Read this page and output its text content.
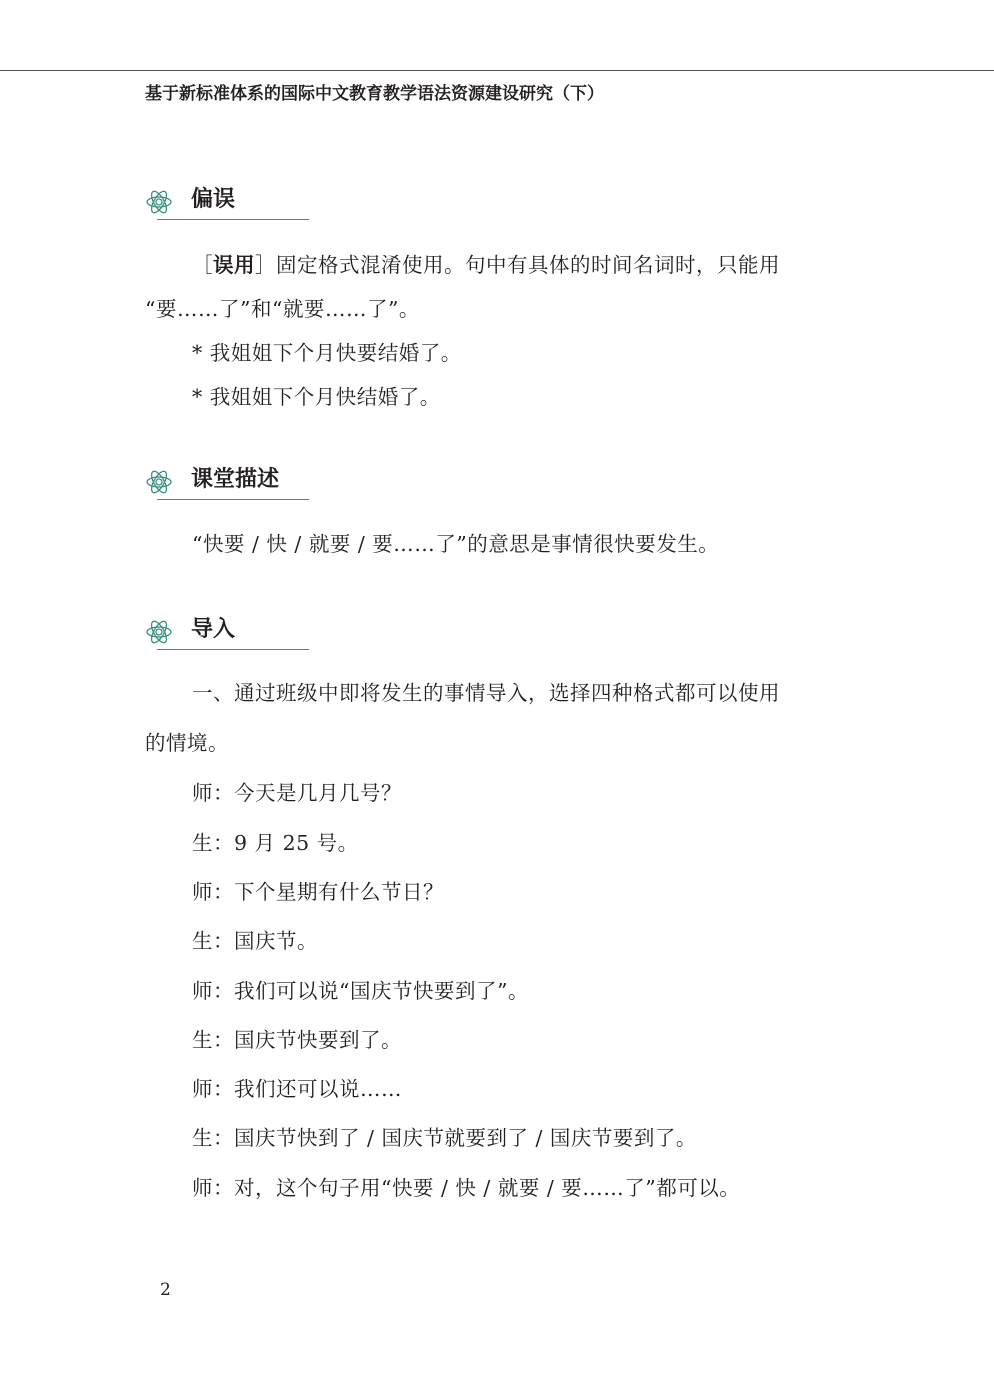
基于新标准体系的国际中文教育教学语法资源建设研究（下）
偏误
［误用］固定格式混淆使用。句中有具体的时间名词时，只能用
“要……了”和“就要……了”。
* 我姐姐下个月快要结婚了。
* 我姐姐下个月快结婚了。
课堂描述
“快要 / 快 / 就要 / 要……了”的意思是事情很快要发生。
导入
一、通过班级中即将发生的事情导入，选择四种格式都可以使用
的情境。
师：今天是几月几号？
生：9 月 25 号。
师：下个星期有什么节日？
生：国庆节。
师：我们可以说“国庆节快要到了”。
生：国庆节快要到了。
师：我们还可以说……
生：国庆节快到了 / 国庆节就要到了 / 国庆节要到了。
师：对，这个句子用“快要 / 快 / 就要 / 要……了”都可以。
2
